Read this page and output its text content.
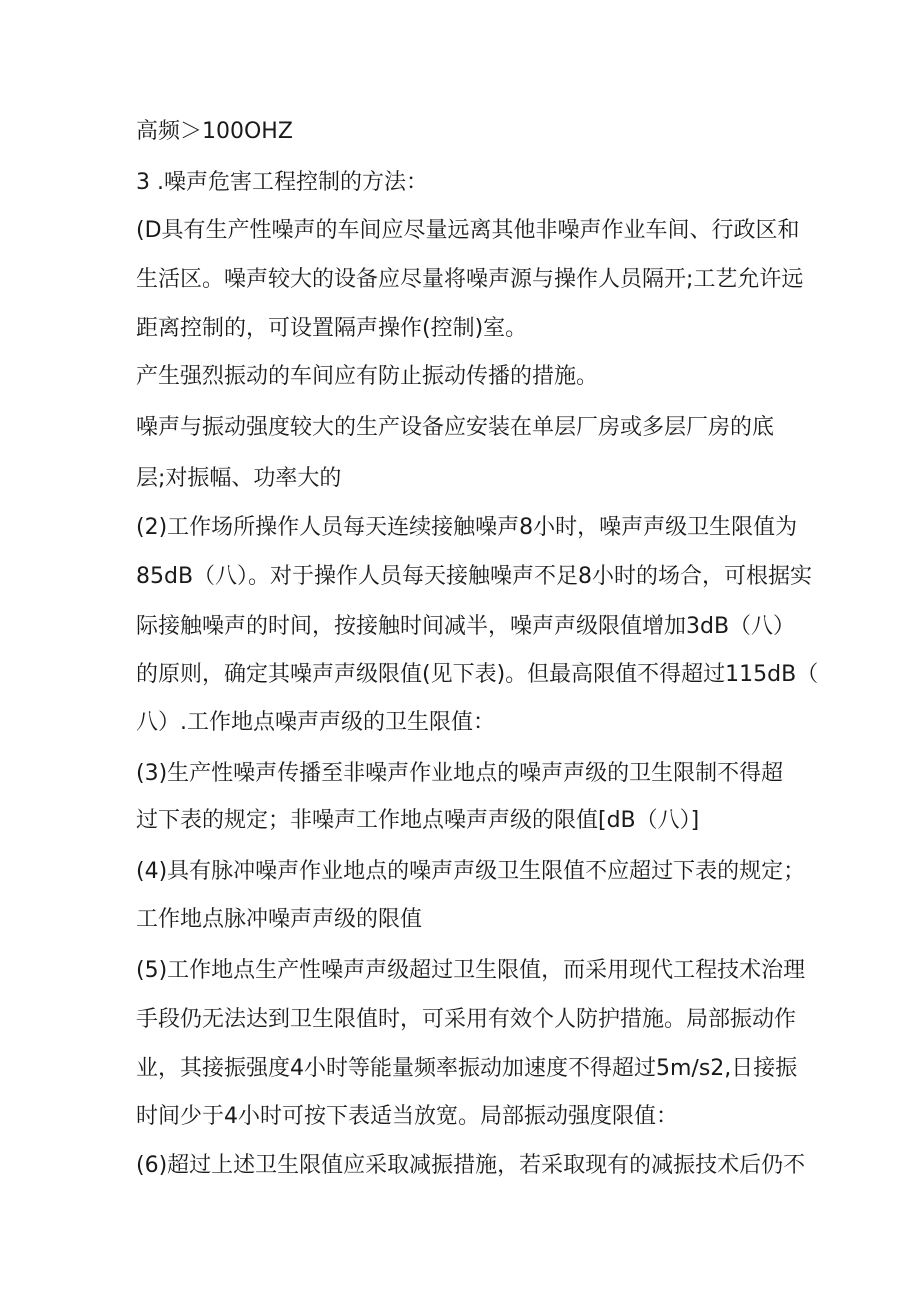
高频＞100OHZ
3 .噪声危害工程控制的方法：
(D具有生产性噪声的车间应尽量远离其他非噪声作业车间、行政区和
生活区。噪声较大的设备应尽量将噪声源与操作人员隔开;工艺允许远
距离控制的，可设置隔声操作(控制)室。
产生强烈振动的车间应有防止振动传播的措施。
噪声与振动强度较大的生产设备应安装在单层厂房或多层厂房的底
层;对振幅、功率大的
(2)工作场所操作人员每天连续接触噪声8小时，噪声声级卫生限值为
85dB（八）。对于操作人员每天接触噪声不足8小时的场合，可根据实
际接触噪声的时间，按接触时间减半，噪声声级限值增加3dB（八）
的原则，确定其噪声声级限值(见下表)。但最高限值不得超过115dB（
八）.工作地点噪声声级的卫生限值：
(3)生产性噪声传播至非噪声作业地点的噪声声级的卫生限制不得超
过下表的规定；非噪声工作地点噪声声级的限值[dB（八）]
(4)具有脉冲噪声作业地点的噪声声级卫生限值不应超过下表的规定；
工作地点脉冲噪声声级的限值
(5)工作地点生产性噪声声级超过卫生限值，而采用现代工程技术治理
手段仍无法达到卫生限值时，可采用有效个人防护措施。局部振动作
业，其接振强度4小时等能量频率振动加速度不得超过5m∕s2,日接振
时间少于4小时可按下表适当放宽。局部振动强度限值：
(6)超过上述卫生限值应采取减振措施，若采取现有的减振技术后仍不
